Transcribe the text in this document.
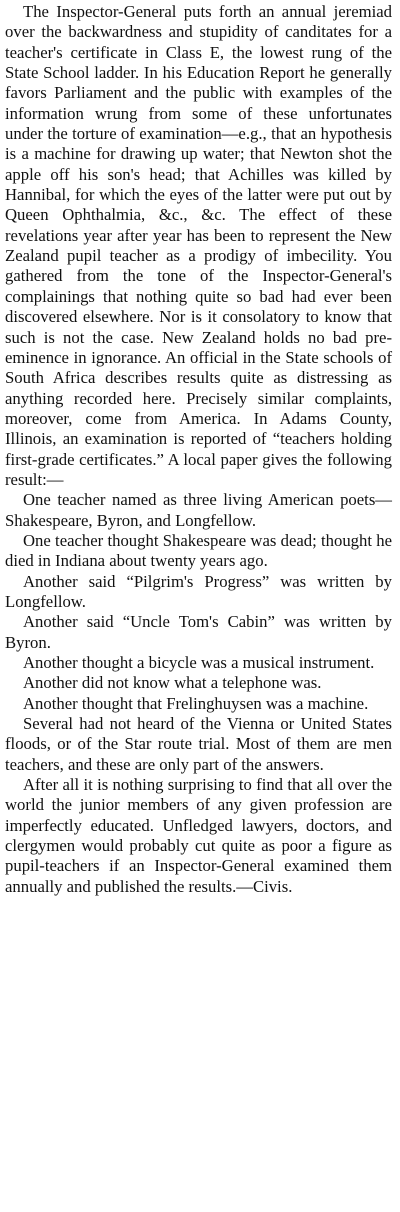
The Inspector-General puts forth an annual jeremiad over the backwardness and stupidity of canditates for a teacher's certificate in Class E, the lowest rung of the State School ladder. In his Education Report he generally favors Parliament and the public with examples of the information wrung from some of these unfortunates under the torture of examination—e.g., that an hypothesis is a machine for drawing up water; that Newton shot the apple off his son's head; that Achilles was killed by Hannibal, for which the eyes of the latter were put out by Queen Ophthalmia, &c., &c. The effect of these revelations year after year has been to represent the New Zealand pupil teacher as a prodigy of imbecility. You gathered from the tone of the Inspector-General's complainings that nothing quite so bad had ever been discovered elsewhere. Nor is it consolatory to know that such is not the case. New Zealand holds no bad pre-eminence in ignorance. An official in the State schools of South Africa describes results quite as distressing as anything recorded here. Precisely similar complaints, moreover, come from America. In Adams County, Illinois, an examination is reported of “teachers holding first-grade certificates.” A local paper gives the following result:—

One teacher named as three living American poets—Shakespeare, Byron, and Longfellow.

One teacher thought Shakespeare was dead; thought he died in Indiana about twenty years ago.

Another said “Pilgrim's Progress” was written by Longfellow.

Another said “Uncle Tom's Cabin” was written by Byron.

Another thought a bicycle was a musical instrument.

Another did not know what a telephone was.

Another thought that Frelinghuysen was a machine.

Several had not heard of the Vienna or United States floods, or of the Star route trial. Most of them are men teachers, and these are only part of the answers.

After all it is nothing surprising to find that all over the world the junior members of any given profession are imperfectly educated. Unfledged lawyers, doctors, and clergymen would probably cut quite as poor a figure as pupil-teachers if an Inspector-General examined them annually and published the results.—Civis.
